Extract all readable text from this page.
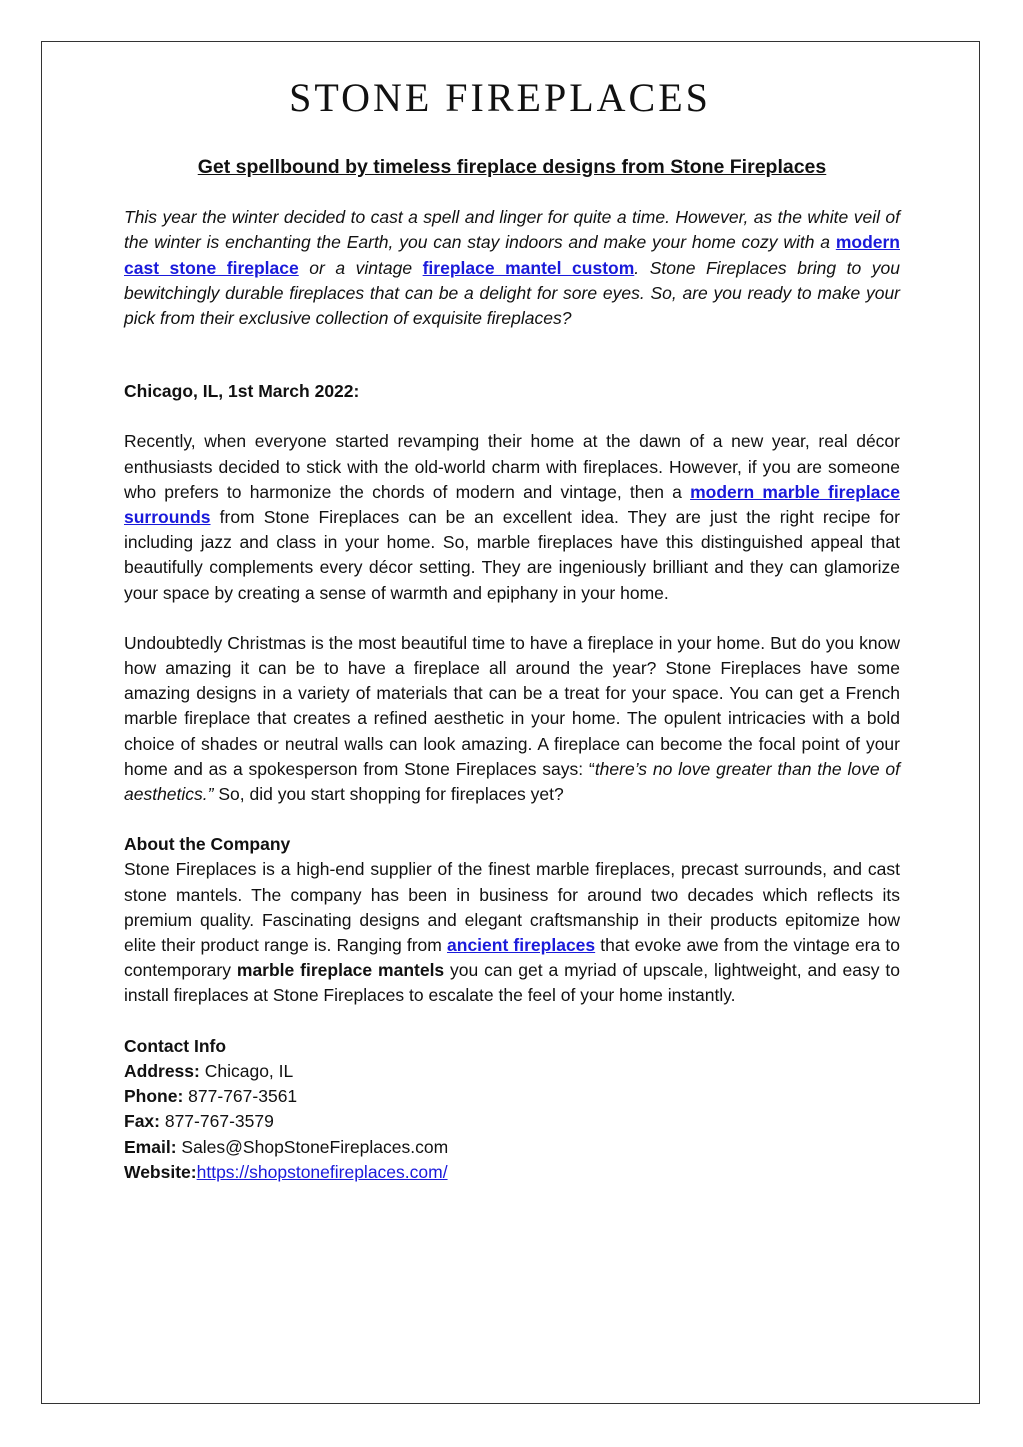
STONE FIREPLACES
Get spellbound by timeless fireplace designs from Stone Fireplaces

This year the winter decided to cast a spell and linger for quite a time. However, as the white veil of the winter is enchanting the Earth, you can stay indoors and make your home cozy with a modern cast stone fireplace or a vintage fireplace mantel custom. Stone Fireplaces bring to you bewitchingly durable fireplaces that can be a delight for sore eyes. So, are you ready to make your pick from their exclusive collection of exquisite fireplaces?

Chicago, IL, 1st March 2022:

Recently, when everyone started revamping their home at the dawn of a new year, real décor enthusiasts decided to stick with the old-world charm with fireplaces. However, if you are someone who prefers to harmonize the chords of modern and vintage, then a modern marble fireplace surrounds from Stone Fireplaces can be an excellent idea. They are just the right recipe for including jazz and class in your home. So, marble fireplaces have this distinguished appeal that beautifully complements every décor setting. They are ingeniously brilliant and they can glamorize your space by creating a sense of warmth and epiphany in your home.

Undoubtedly Christmas is the most beautiful time to have a fireplace in your home. But do you know how amazing it can be to have a fireplace all around the year? Stone Fireplaces have some amazing designs in a variety of materials that can be a treat for your space. You can get a French marble fireplace that creates a refined aesthetic in your home. The opulent intricacies with a bold choice of shades or neutral walls can look amazing. A fireplace can become the focal point of your home and as a spokesperson from Stone Fireplaces says: “there’s no love greater than the love of aesthetics.” So, did you start shopping for fireplaces yet?

About the Company

Stone Fireplaces is a high-end supplier of the finest marble fireplaces, precast surrounds, and cast stone mantels. The company has been in business for around two decades which reflects its premium quality. Fascinating designs and elegant craftsmanship in their products epitomize how elite their product range is. Ranging from ancient fireplaces that evoke awe from the vintage era to contemporary marble fireplace mantels you can get a myriad of upscale, lightweight, and easy to install fireplaces at Stone Fireplaces to escalate the feel of your home instantly.

Contact Info

Address: Chicago, IL

Phone: 877-767-3561

Fax: 877-767-3579

Email: Sales@ShopStoneFireplaces.com

Website:https://shopstonefireplaces.com/
